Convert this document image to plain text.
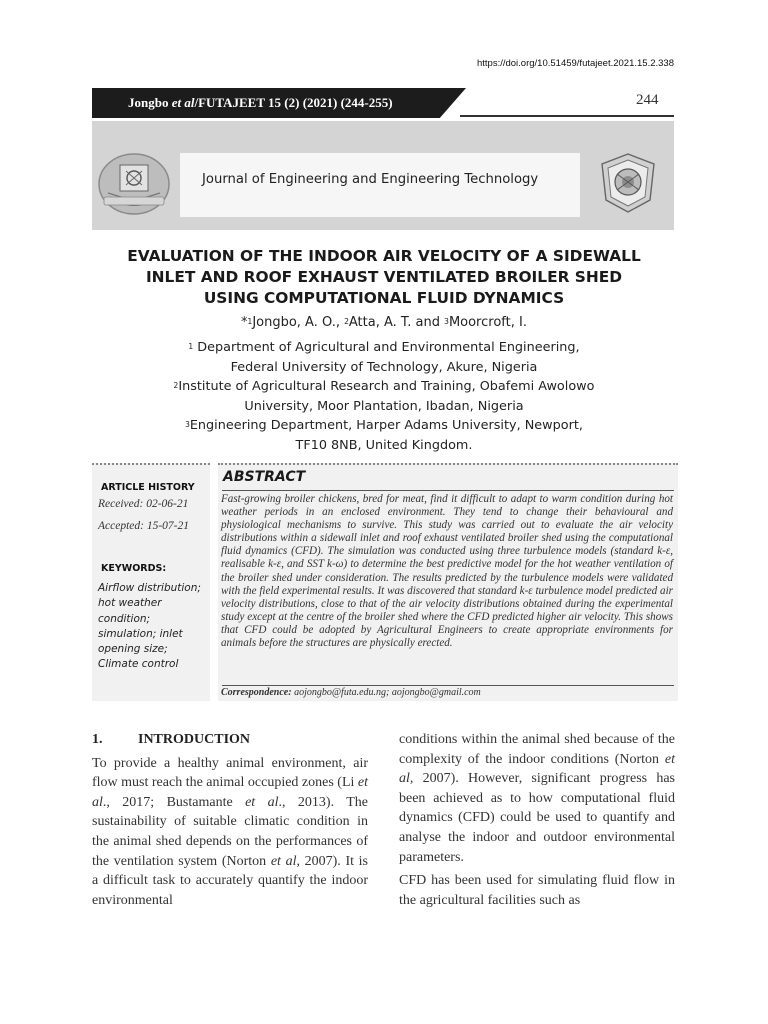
https://doi.org/10.51459/futajeet.2021.15.2.338
Jongbo et al/FUTAJEET 15 (2) (2021) (244-255)	244
Journal of Engineering and Engineering Technology
EVALUATION OF THE INDOOR AIR VELOCITY OF A SIDEWALL
INLET AND ROOF EXHAUST VENTILATED BROILER SHED
USING COMPUTATIONAL FLUID DYNAMICS
*$^1$Jongbo, A. O., $^2$Atta, A. T. and $^3$Moorcroft, I.
$^1$ Department of Agricultural and Environmental Engineering,
Federal University of Technology, Akure, Nigeria
$^2$Institute of Agricultural Research and Training, Obafemi Awolowo
University, Moor Plantation, Ibadan, Nigeria
$^3$Engineering Department, Harper Adams University, Newport,
TF10 8NB, United Kingdom.
ARTICLE HISTORY
Received: 02-06-21
Accepted: 15-07-21
KEYWORDS:
Airflow distribution; hot weather condition; simulation; inlet opening size; Climate control
ABSTRACT
Fast-growing broiler chickens, bred for meat, find it difficult to adapt to warm condition during hot weather periods in an enclosed environment. They tend to change their behavioural and physiological mechanisms to survive. This study was carried out to evaluate the air velocity distributions within a sidewall inlet and roof exhaust ventilated broiler shed using the computational fluid dynamics (CFD). The simulation was conducted using three turbulence models (standard k-ε, realisable k-ε, and SST k-ω) to determine the best predictive model for the hot weather ventilation of the broiler shed under consideration. The results predicted by the turbulence models were validated with the field experimental results. It was discovered that standard k-ε turbulence model predicted air velocity distributions, close to that of the air velocity distributions obtained during the experimental study except at the centre of the broiler shed where the CFD predicted higher air velocity. This shows that CFD could be adopted by Agricultural Engineers to create appropriate environments for animals before the structures are physically erected.
Correspondence: aojongbo@futa.edu.ng; aojongbo@gmail.com
1.	INTRODUCTION

To provide a healthy animal environment, air flow must reach the animal occupied zones (Li et al., 2017; Bustamante et al., 2013). The sustainability of suitable climatic condition in the animal shed depends on the performances of the ventilation system (Norton et al, 2007). It is a difficult task to accurately quantify the indoor environmental

conditions within the animal shed because of the complexity of the indoor conditions (Norton et al, 2007). However, significant progress has been achieved as to how computational fluid dynamics (CFD) could be used to quantify and analyse the indoor and outdoor environmental parameters.

CFD has been used for simulating fluid flow in the agricultural facilities such as
